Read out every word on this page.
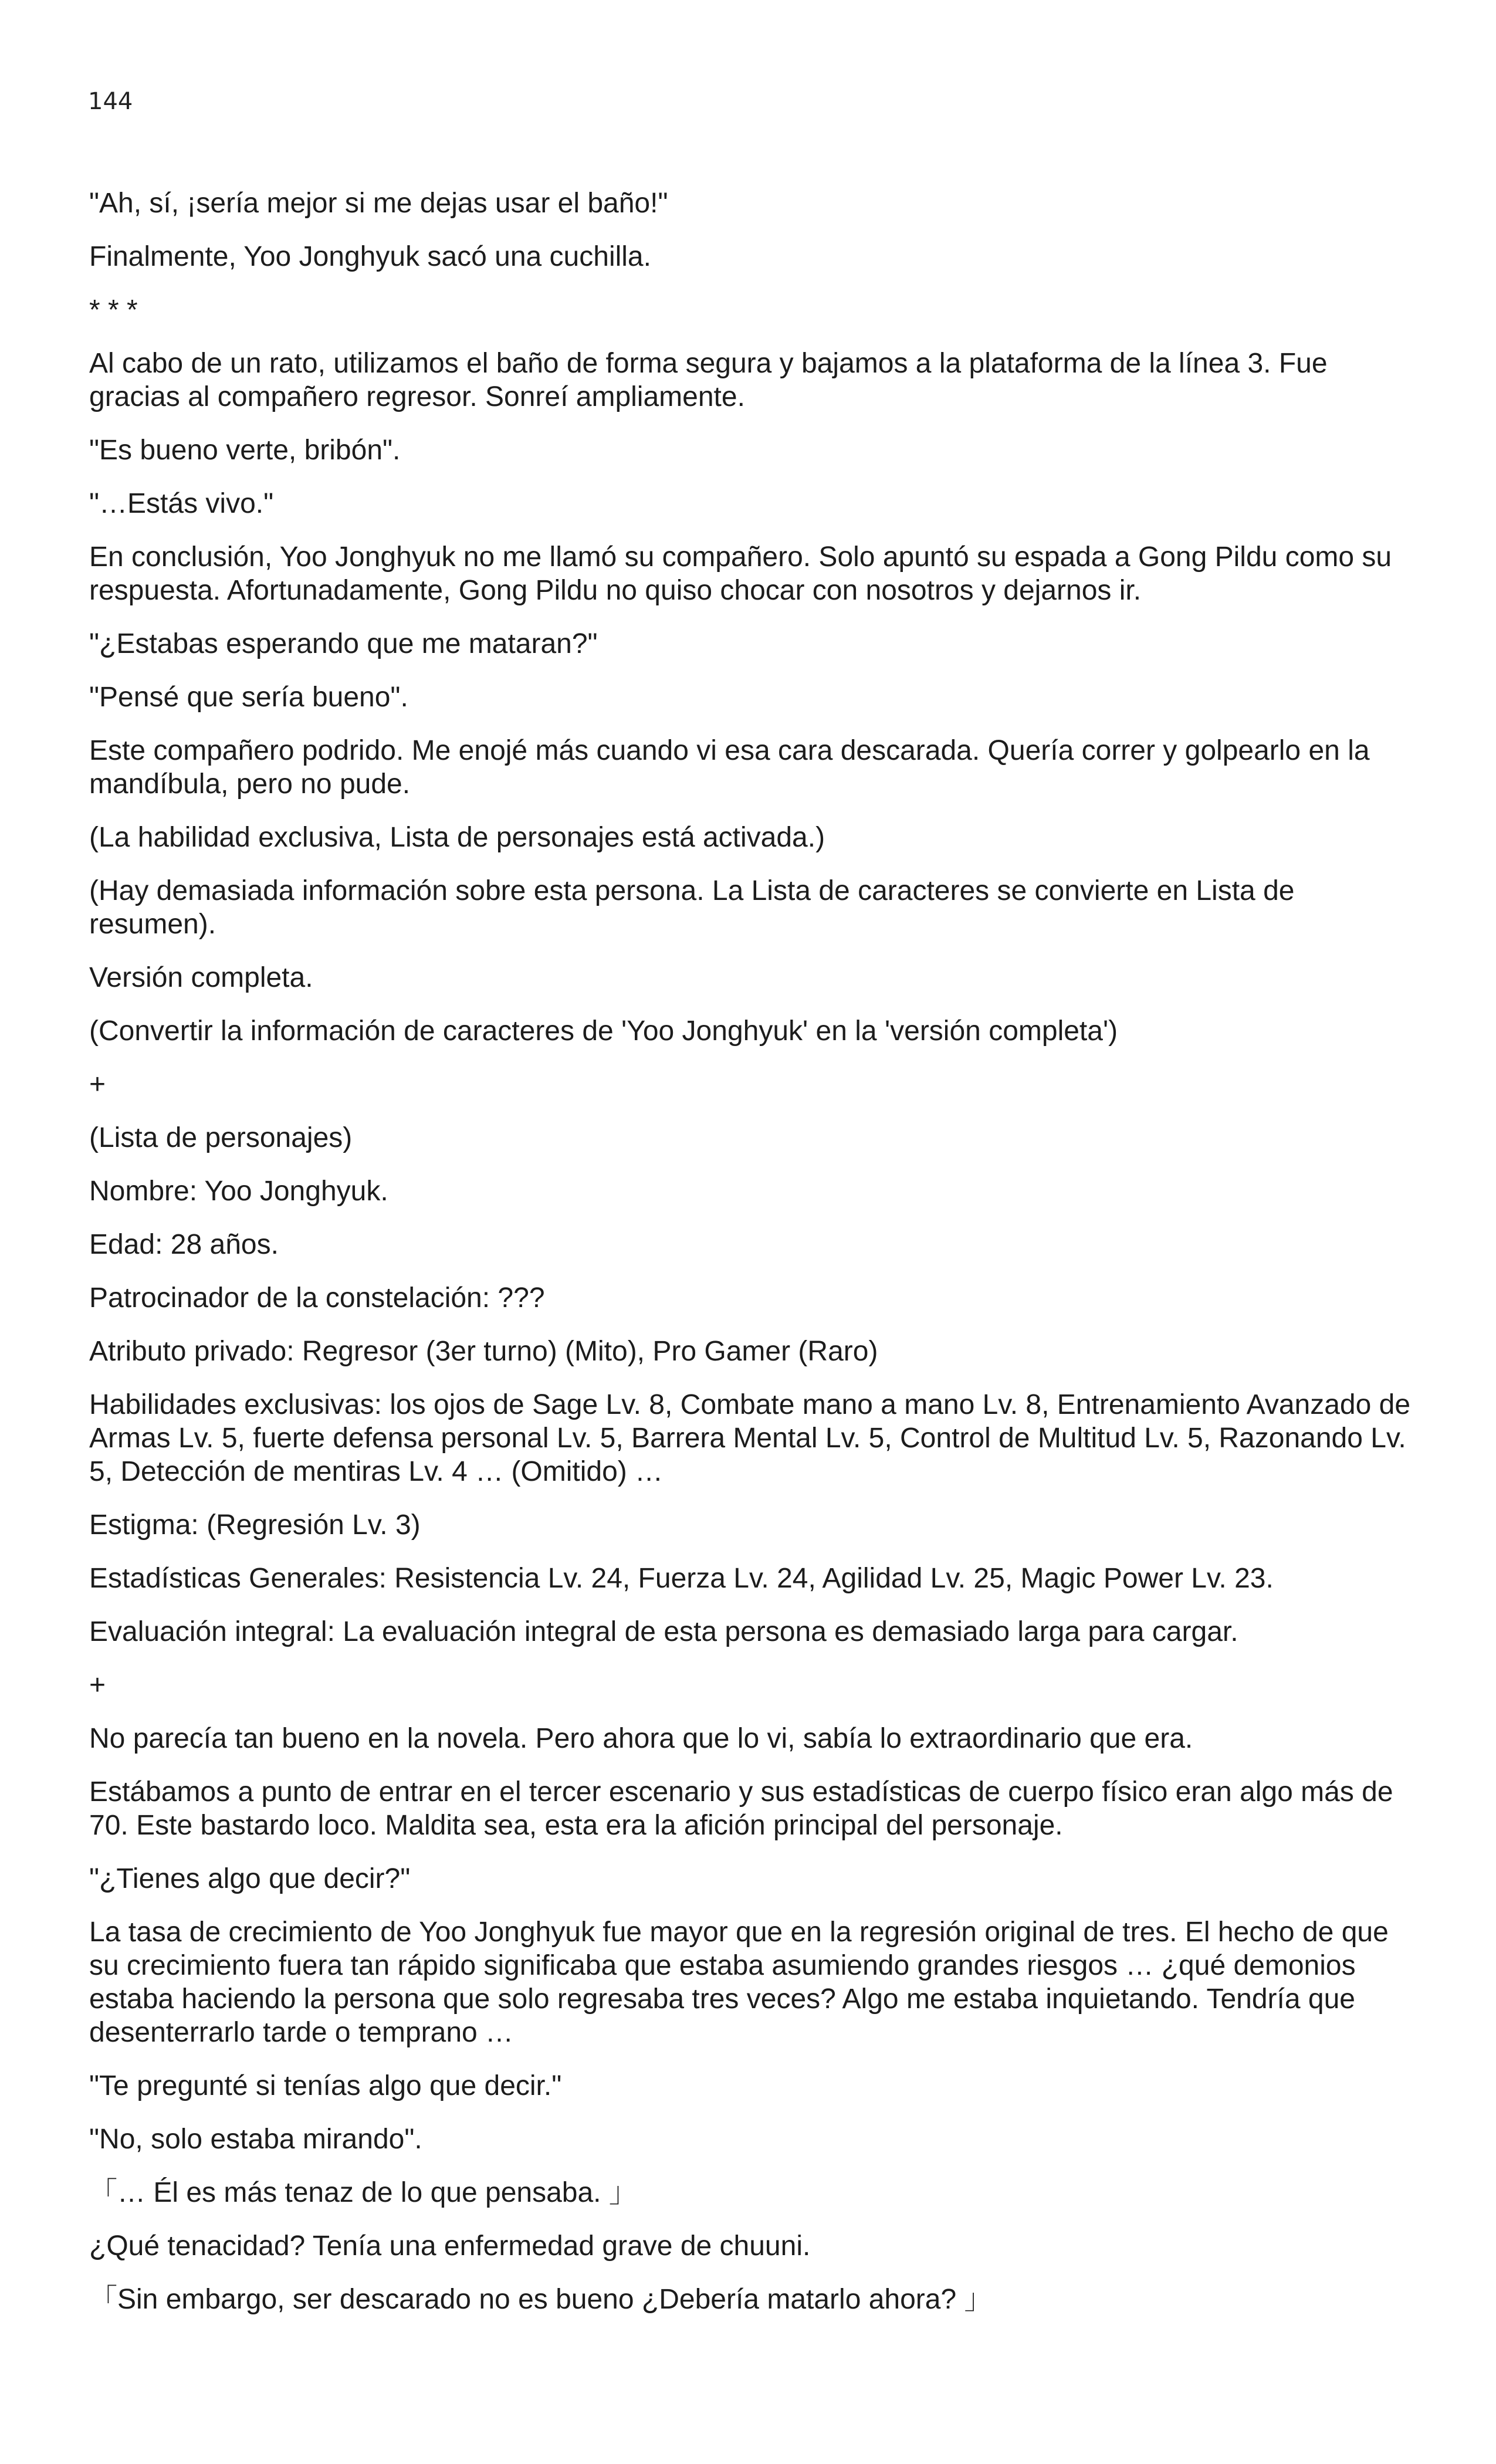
144

"Ah, sí, ¡sería mejor si me dejas usar el baño!"

Finalmente, Yoo Jonghyuk sacó una cuchilla.

* * *

Al cabo de un rato, utilizamos el baño de forma segura y bajamos a la plataforma de la línea 3. Fue gracias al compañero regresor. Sonreí ampliamente.

"Es bueno verte, bribón".

"…Estás vivo."

En conclusión, Yoo Jonghyuk no me llamó su compañero. Solo apuntó su espada a Gong Pildu como su respuesta. Afortunadamente, Gong Pildu no quiso chocar con nosotros y dejarnos ir.

"¿Estabas esperando que me mataran?"

"Pensé que sería bueno".

Este compañero podrido. Me enojé más cuando vi esa cara descarada. Quería correr y golpearlo en la mandíbula, pero no pude.

(La habilidad exclusiva, Lista de personajes está activada.)

(Hay demasiada información sobre esta persona. La Lista de caracteres se convierte en Lista de resumen).

Versión completa.

(Convertir la información de caracteres de 'Yoo Jonghyuk' en la 'versión completa')

+

(Lista de personajes)

Nombre: Yoo Jonghyuk.

Edad: 28 años.

Patrocinador de la constelación: ???

Atributo privado: Regresor (3er turno) (Mito), Pro Gamer (Raro)

Habilidades exclusivas: los ojos de Sage Lv. 8, Combate mano a mano Lv. 8, Entrenamiento Avanzado de Armas Lv. 5, fuerte defensa personal Lv. 5, Barrera Mental Lv. 5, Control de Multitud Lv. 5, Razonando Lv. 5, Detección de mentiras Lv. 4 … (Omitido) …

Estigma: (Regresión Lv. 3)

Estadísticas Generales: Resistencia Lv. 24, Fuerza Lv. 24, Agilidad Lv. 25, Magic Power Lv. 23.

Evaluación integral: La evaluación integral de esta persona es demasiado larga para cargar.

+

No parecía tan bueno en la novela. Pero ahora que lo vi, sabía lo extraordinario que era.

Estábamos a punto de entrar en el tercer escenario y sus estadísticas de cuerpo físico eran algo más de 70. Este bastardo loco. Maldita sea, esta era la afición principal del personaje.

"¿Tienes algo que decir?"

La tasa de crecimiento de Yoo Jonghyuk fue mayor que en la regresión original de tres. El hecho de que su crecimiento fuera tan rápido significaba que estaba asumiendo grandes riesgos … ¿qué demonios estaba haciendo la persona que solo regresaba tres veces? Algo me estaba inquietando. Tendría que desenterrarlo tarde o temprano …

"Te pregunté si tenías algo que decir."

"No, solo estaba mirando".

「… Él es más tenaz de lo que pensaba. 」

¿Qué tenacidad? Tenía una enfermedad grave de chuuni.

「Sin embargo, ser descarado no es bueno ¿Debería matarlo ahora? 」
